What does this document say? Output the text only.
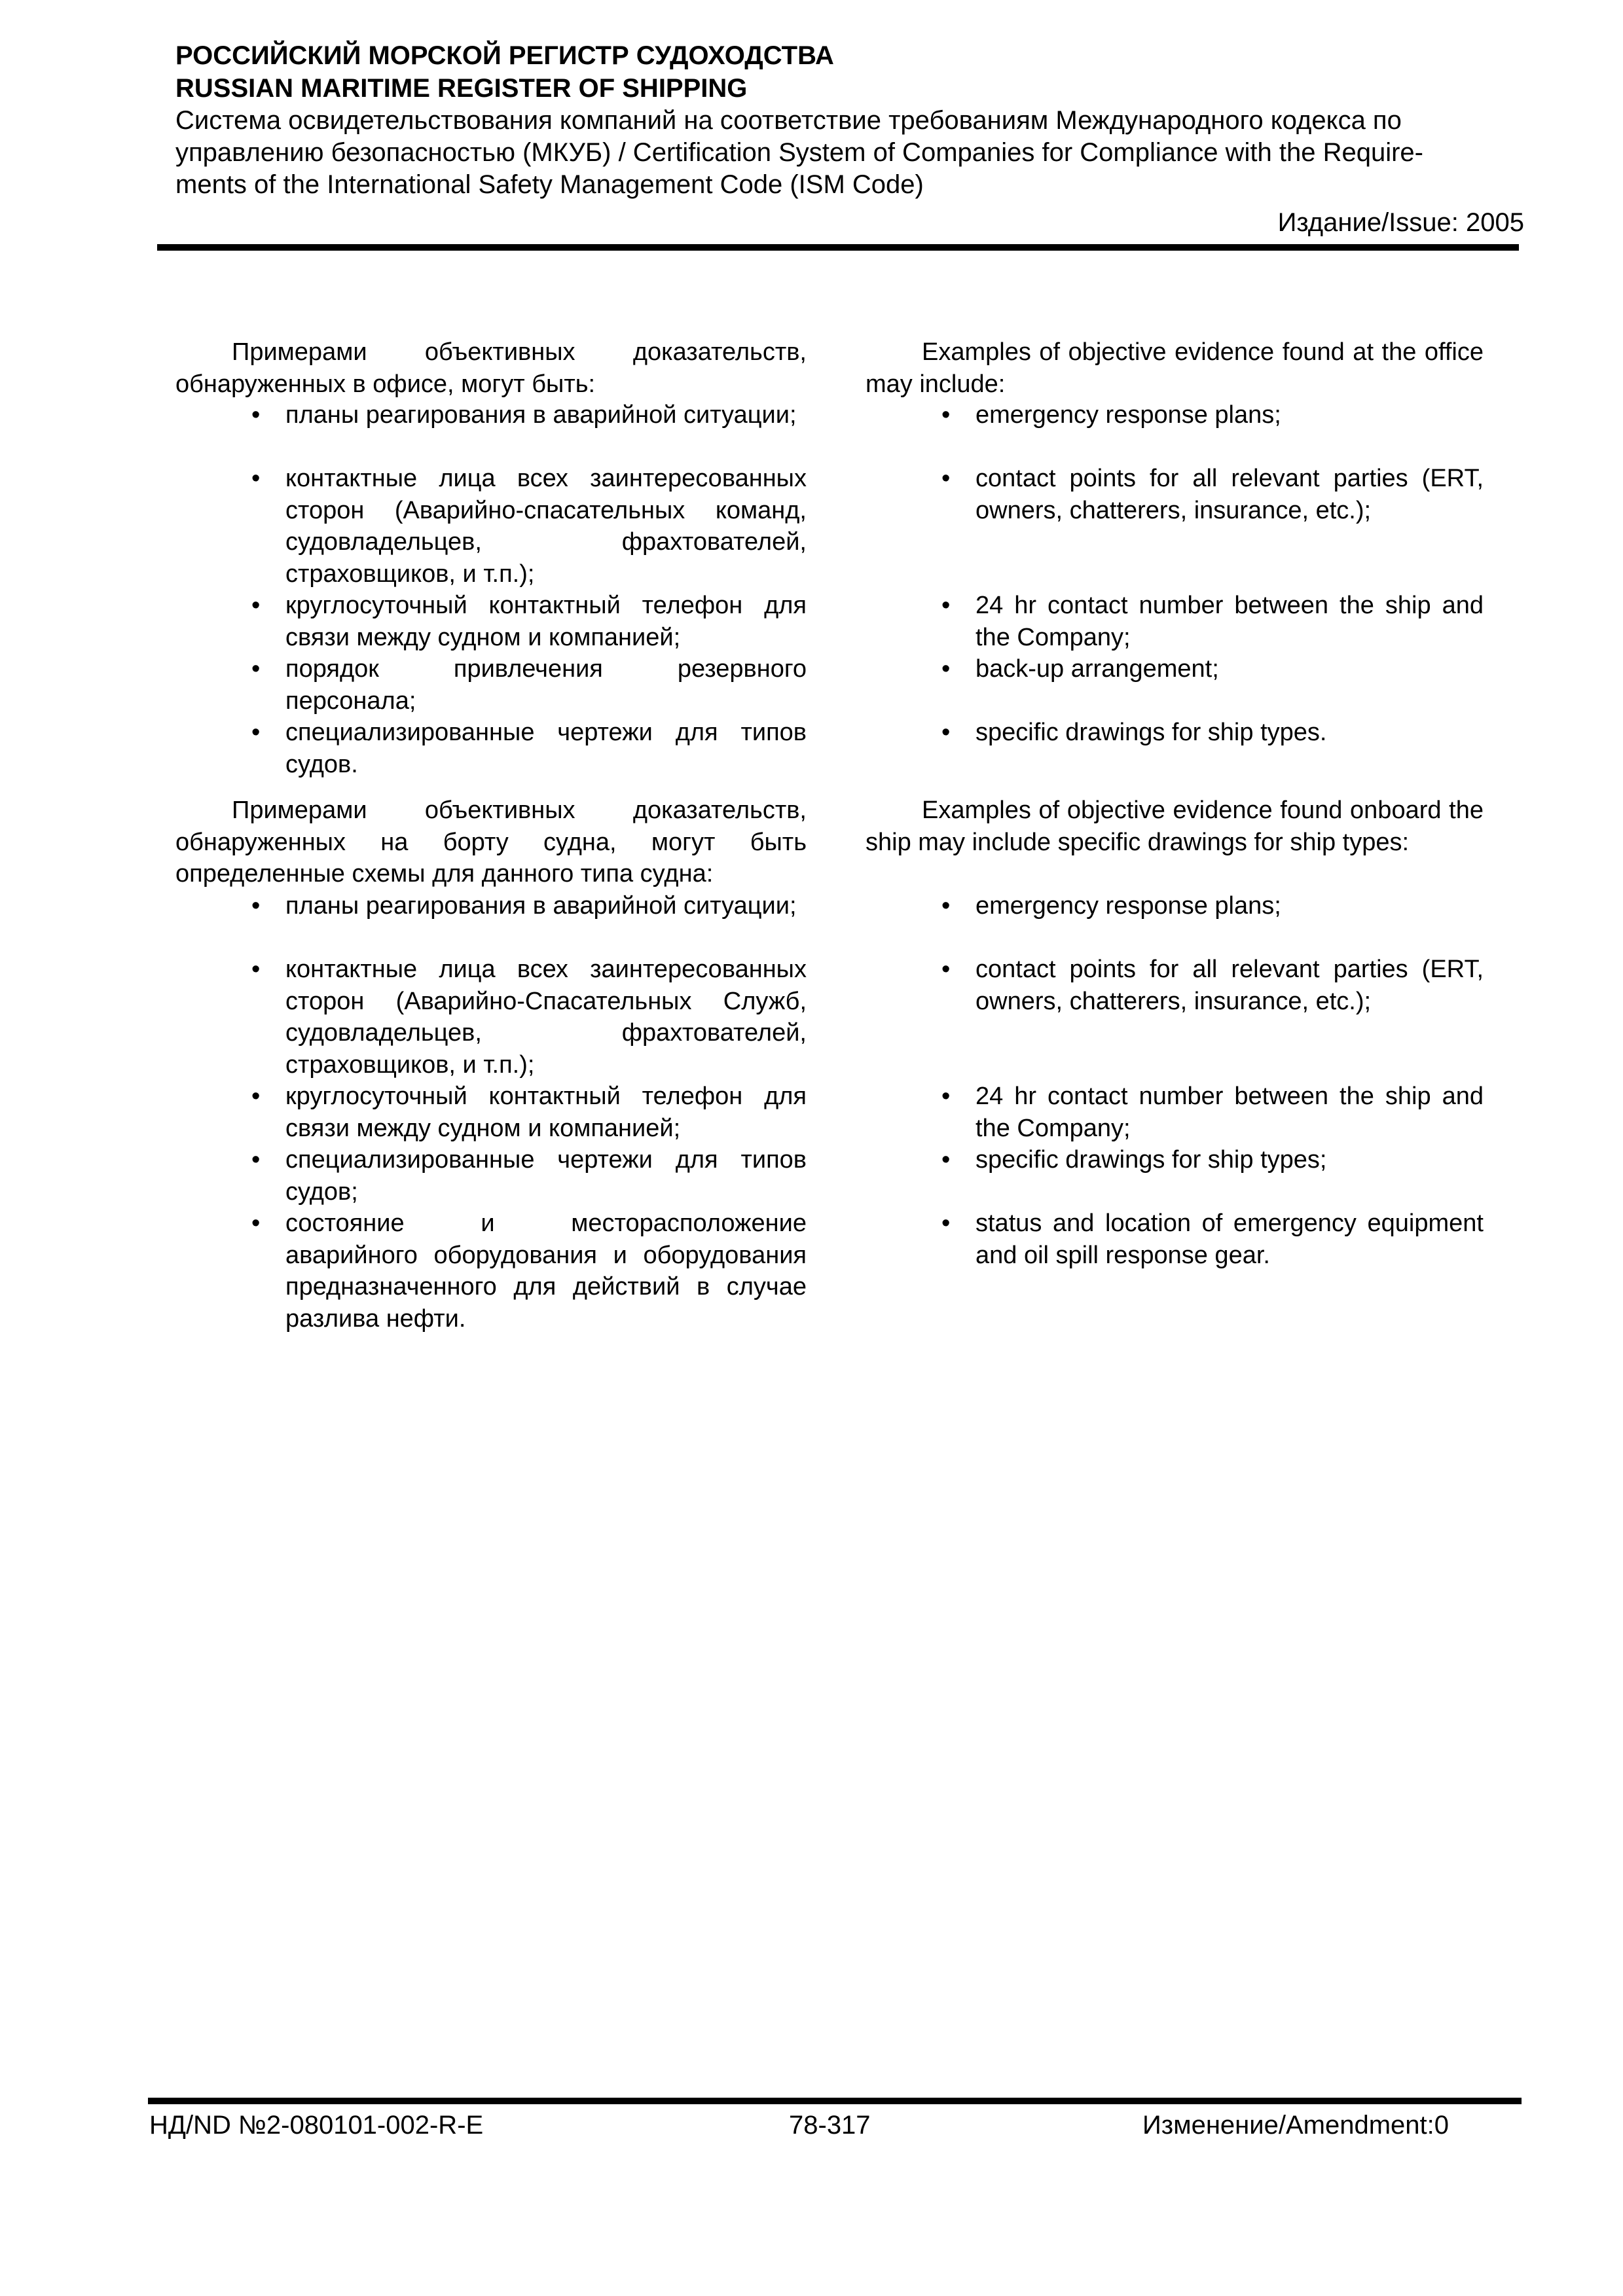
РОССИЙСКИЙ МОРСКОЙ РЕГИСТР СУДОХОДСТВА
RUSSIAN MARITIME REGISTER OF SHIPPING
Система освидетельствования компаний на соответствие требованиям Международного кодекса по
управлению безопасностью (МКУБ) / Certification System of Companies for Compliance with the Require-
ments of the International Safety Management Code (ISM Code)
Издание/Issue: 2005

Примерами объективных доказательств, обнаруженных в офисе, могут быть:

• планы реагирования в аварийной ситуации;
• контактные лица всех заинтересованных сторон (Аварийно-спасательных команд, судовладельцев, фрахтователей, страховщиков, и т.п.);
• круглосуточный контактный телефон для связи между судном и компанией;
• порядок привлечения резервного персонала;
• специализированные чертежи для типов судов.

Примерами объективных доказательств, обнаруженных на борту судна, могут быть определенные схемы для данного типа судна:

• планы реагирования в аварийной ситуации;
• контактные лица всех заинтересованных сторон (Аварийно-Спасательных Служб, судовладельцев, фрахтователей, страховщиков, и т.п.);
• круглосуточный контактный телефон для связи между судном и компанией;
• специализированные чертежи для типов судов;
• состояние и месторасположение аварийного оборудования и оборудования предназначенного для действий в случае разлива нефти.

Examples of objective evidence found at the office may include:

• emergency response plans;
• contact points for all relevant parties (ERT, owners, chatterers, insurance, etc.);
• 24 hr contact number between the ship and the Company;
• back-up arrangement;
• specific drawings for ship types.

Examples of objective evidence found onboard the ship may include specific drawings for ship types:

• emergency response plans;
• contact points for all relevant parties (ERT, owners, chatterers, insurance, etc.);
• 24 hr contact number between the ship and the Company;
• specific drawings for ship types;
• status and location of emergency equipment and oil spill response gear.
НД/ND №2-080101-002-R-E	78-317	Изменение/Amendment:0
